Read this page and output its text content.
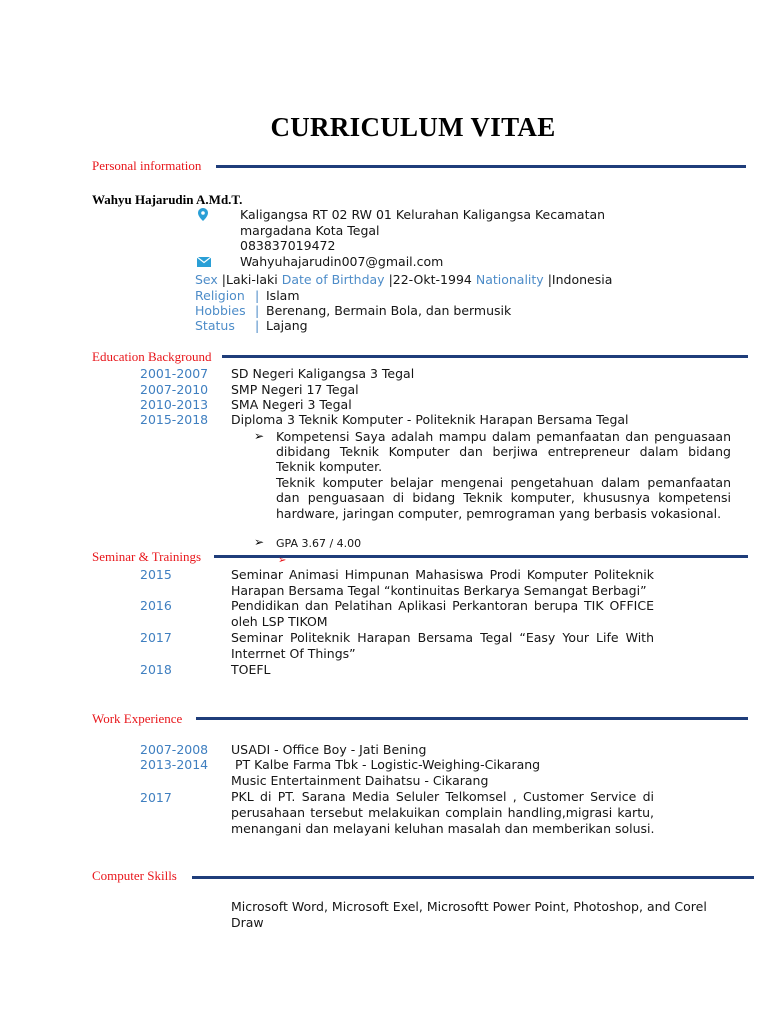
CURRICULUM VITAE
Personal information
Wahyu Hajarudin A.Md.T.
Kaligangsa RT 02 RW 01 Kelurahan Kaligangsa Kecamatan
margadana Kota Tegal
083837019472
Wahyuhajarudin007@gmail.com
Sex |Laki-laki Date of Birthday |22-Okt-1994 Nationality |Indonesia
Religion | Islam
Hobbies | Berenang, Bermain Bola, dan bermusik
Status | Lajang
Education Background
2001-2007 SD Negeri Kaligangsa 3 Tegal
2007-2010 SMP Negeri 17 Tegal
2010-2013 SMA Negeri 3 Tegal
2015-2018 Diploma 3 Teknik Komputer - Politeknik Harapan Bersama Tegal
➢ Kompetensi Saya adalah mampu dalam pemanfaatan dan penguasaan
dibidang Teknik Komputer dan berjiwa entrepreneur dalam bidang
Teknik komputer.
Teknik komputer belajar mengenai pengetahuan dalam pemanfaatan
dan penguasaan di bidang Teknik komputer, khususnya kompetensi
hardware, jaringan computer, pemrograman yang berbasis vokasional.
➢ GPA 3.67 / 4.00
Seminar & Trainings	➢
2015	Seminar Animasi Himpunan Mahasiswa Prodi Komputer Politeknik
Harapan Bersama Tegal “kontinuitas Berkarya Semangat Berbagi”
2016	Pendidikan dan Pelatihan Aplikasi Perkantoran berupa TIK OFFICE
oleh LSP TIKOM
2017	Seminar Politeknik Harapan Bersama Tegal “Easy Your Life With
Interrnet Of Things”
2018	TOEFL
Work Experience
2007-2008 USADI - Office Boy - Jati Bening
2013-2014 PT Kalbe Farma Tbk - Logistic-Weighing-Cikarang
Music Entertainment Daihatsu - Cikarang
2017	PKL di PT. Sarana Media Seluler Telkomsel , Customer Service di
perusahaan tersebut melakuikan complain handling,migrasi kartu,
menangani dan melayani keluhan masalah dan memberikan solusi.
Computer Skills
Microsoft Word, Microsoft Exel, Microsoftt Power Point, Photoshop, and Corel
Draw
